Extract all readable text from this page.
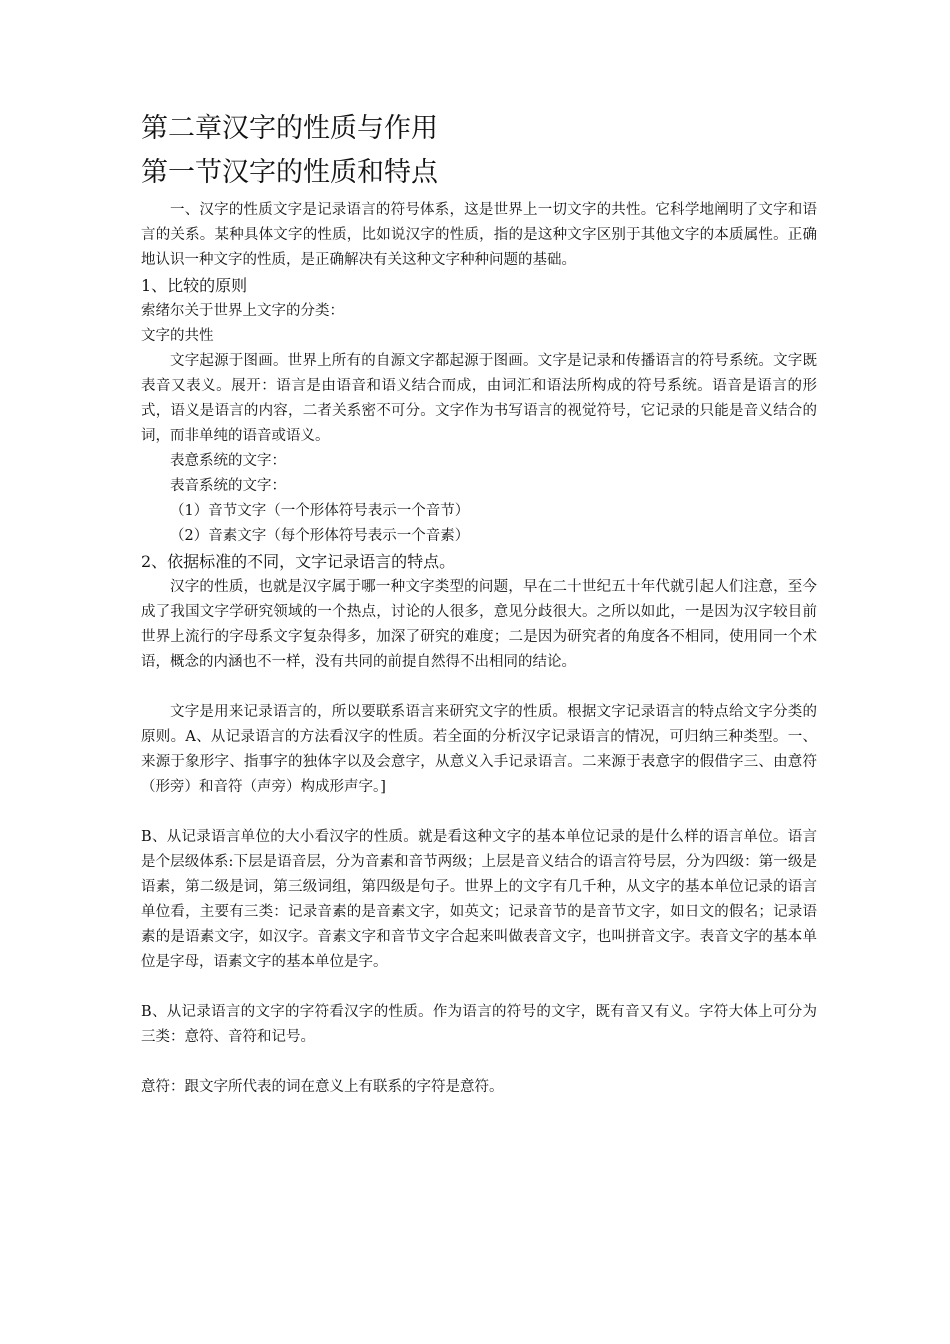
第二章汉字的性质与作用
第一节汉字的性质和特点

一、汉字的性质文字是记录语言的符号体系，这是世界上一切文字的共性。它科学地阐明了文字和语言的关系。某种具体文字的性质，比如说汉字的性质，指的是这种文字区别于其他文字的本质属性。正确地认识一种文字的性质，是正确解决有关这种文字种种问题的基础。

1、比较的原则

索绪尔关于世界上文字的分类：

文字的共性

文字起源于图画。世界上所有的自源文字都起源于图画。文字是记录和传播语言的符号系统。文字既表音又表义。展开：语言是由语音和语义结合而成，由词汇和语法所构成的符号系统。语音是语言的形式，语义是语言的内容，二者关系密不可分。文字作为书写语言的视觉符号，它记录的只能是音义结合的词，而非单纯的语音或语义。

表意系统的文字：

表音系统的文字：

（1）音节文字（一个形体符号表示一个音节）

（2）音素文字（每个形体符号表示一个音素）

2、依据标准的不同，文字记录语言的特点。

汉字的性质，也就是汉字属于哪一种文字类型的问题，早在二十世纪五十年代就引起人们注意，至今成了我国文字学研究领域的一个热点，讨论的人很多，意见分歧很大。之所以如此，一是因为汉字较目前世界上流行的字母系文字复杂得多，加深了研究的难度；二是因为研究者的角度各不相同，使用同一个术语，概念的内涵也不一样，没有共同的前提自然得不出相同的结论。

文字是用来记录语言的，所以要联系语言来研究文字的性质。根据文字记录语言的特点给文字分类的原则。A、从记录语言的方法看汉字的性质。若全面的分析汉字记录语言的情况，可归纳三种类型。一、来源于象形字、指事字的独体字以及会意字，从意义入手记录语言。二来源于表意字的假借字三、由意符（形旁）和音符（声旁）构成形声字。]

B、从记录语言单位的大小看汉字的性质。就是看这种文字的基本单位记录的是什么样的语言单位。语言是个层级体系:下层是语音层，分为音素和音节两级；上层是音义结合的语言符号层，分为四级：第一级是语素，第二级是词，第三级词组，第四级是句子。世界上的文字有几千种，从文字的基本单位记录的语言单位看，主要有三类：记录音素的是音素文字，如英文；记录音节的是音节文字，如日文的假名；记录语素的是语素文字，如汉字。音素文字和音节文字合起来叫做表音文字，也叫拼音文字。表音文字的基本单位是字母，语素文字的基本单位是字。

B、从记录语言的文字的字符看汉字的性质。作为语言的符号的文字，既有音又有义。字符大体上可分为三类：意符、音符和记号。

意符：跟文字所代表的词在意义上有联系的字符是意符。
